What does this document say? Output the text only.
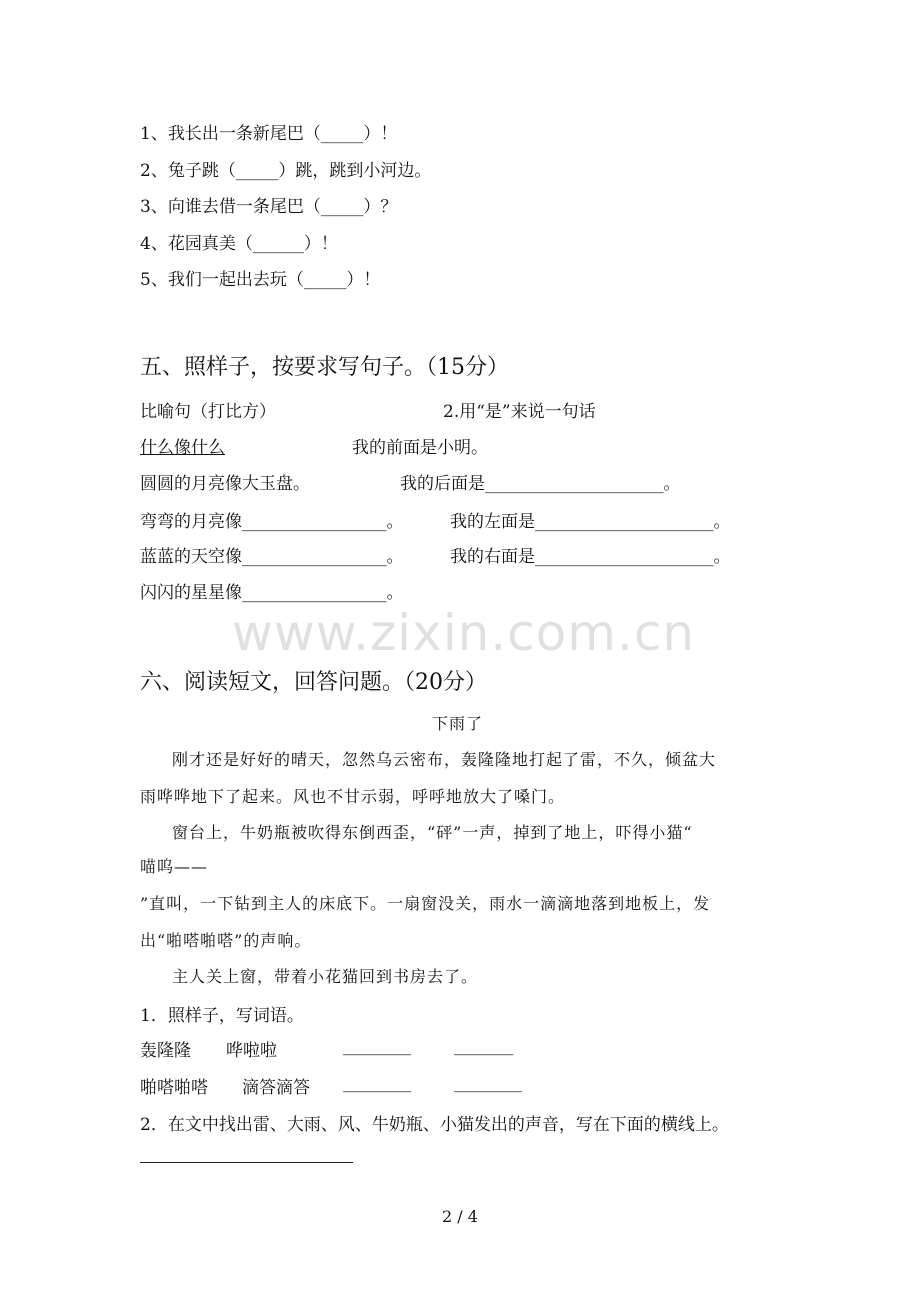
1、我长出一条新尾巴（_____）！
2、兔子跳（_____）跳，跳到小河边。
3、向谁去借一条尾巴（_____）？
4、花园真美（______）！
5、我们一起出去玩（_____）！
五、照样子，按要求写句子。（15分）
比喻句（打比方）	2.用“是”来说一句话
什么像什么	我的前面是小明。
圆圆的月亮像大玉盘。	我的后面是_____________________。
弯弯的月亮像_________________。	我的左面是_____________________。
蓝蓝的天空像_________________。	我的右面是_____________________。
闪闪的星星像_________________。
www.zixin.com.cn
六、阅读短文，回答问题。（20分）
下雨了
刚才还是好好的晴天，忽然乌云密布，轰隆隆地打起了雷，不久，倾盆大
雨哗哗地下了起来。风也不甘示弱，呼呼地放大了嗓门。
窗台上，牛奶瓶被吹得东倒西歪，“砰”一声，掉到了地上，吓得小猫“
喵呜——
”直叫，一下钻到主人的床底下。一扇窗没关，雨水一滴滴地落到地板上，发
出“啪嗒啪嗒”的声响。
主人关上窗，带着小花猫回到书房去了。
1．照样子，写词语。
轰隆隆 哗啦啦	________	_______
啪嗒啪嗒 滴答滴答 ________	________
2．在文中找出雷、大雨、风、牛奶瓶、小猫发出的声音，写在下面的横线上。
2 / 4
